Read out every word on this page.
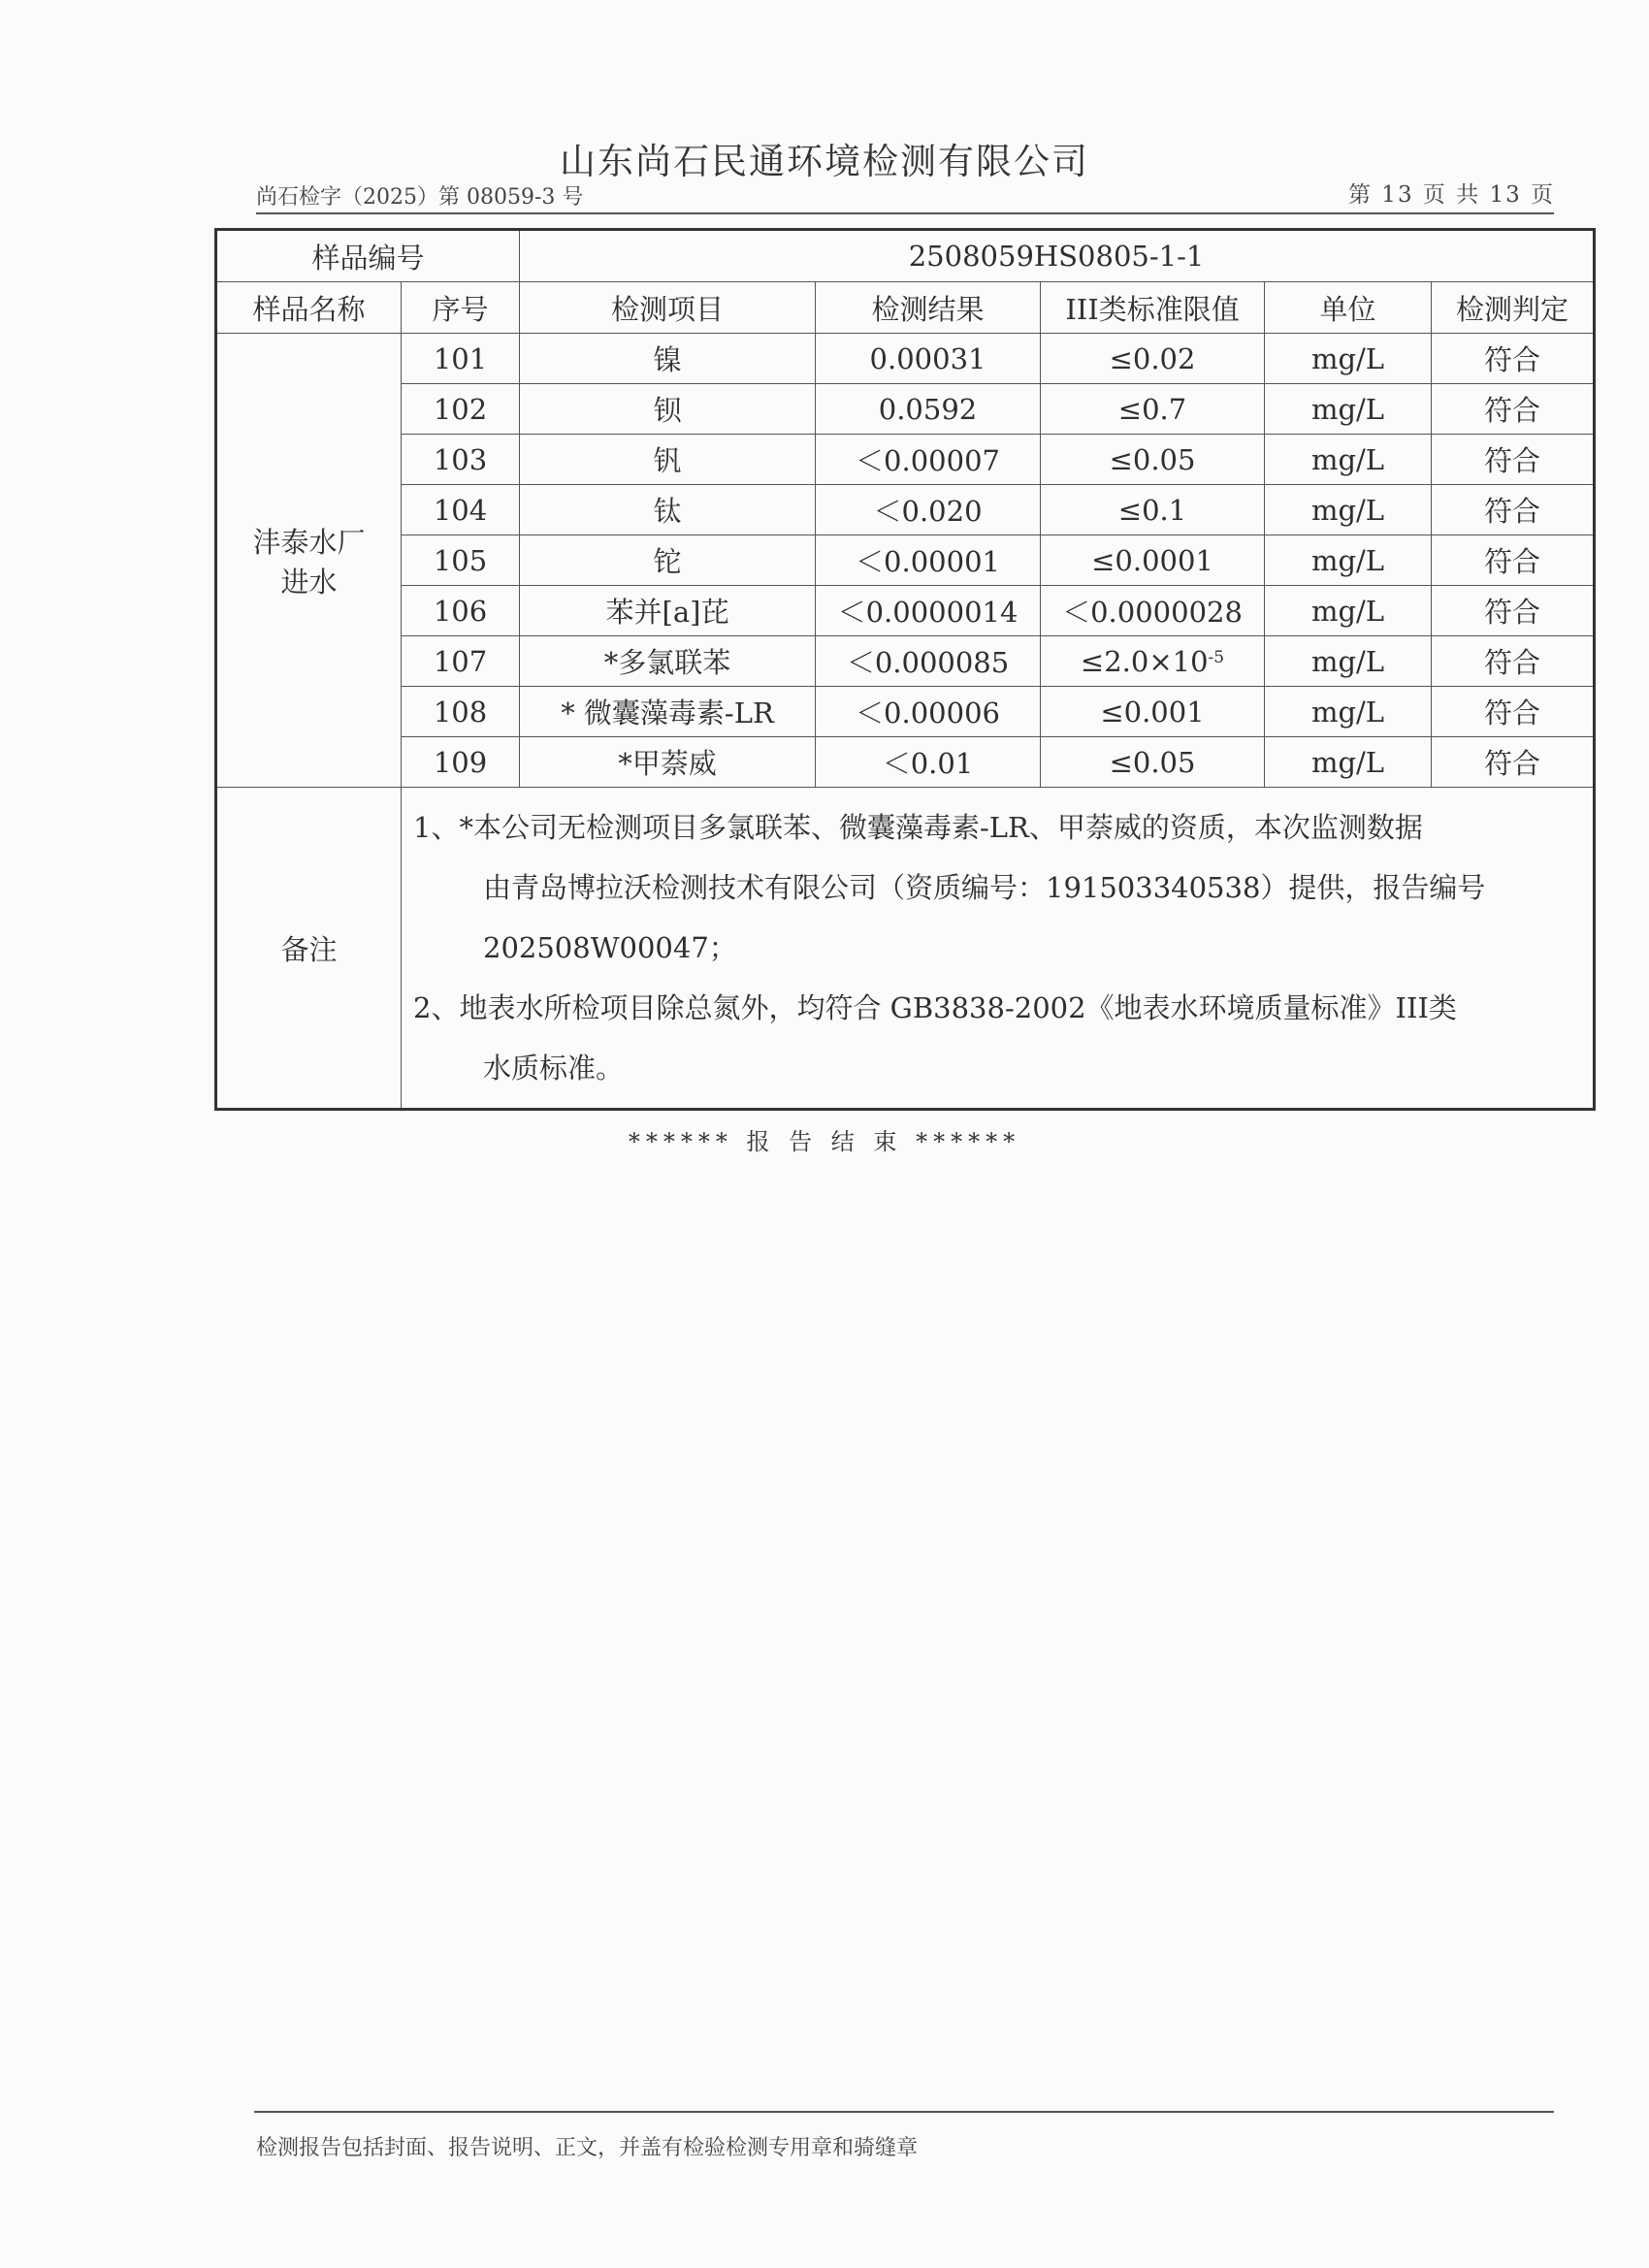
山东尚石民通环境检测有限公司
尚石检字（2025）第 08059-3 号	第 13 页 共 13 页
样品编号		2508059HS0805-1-1				
样品名称	序号	检测项目	检测结果	III类标准限值	单位	检测判定
沣泰水厂
进水	101	镍	0.00031	≤0.02	mg/L	符合
	102	钡	0.0592	≤0.7	mg/L	符合
	103	钒	＜0.00007	≤0.05	mg/L	符合
	104	钛	＜0.020	≤0.1	mg/L	符合
	105	铊	＜0.00001	≤0.0001	mg/L	符合
	106	苯并[a]芘	＜0.0000014	＜0.0000028	mg/L	符合
	107	*多氯联苯	＜0.000085	$\le 2.0\times 10^{-5}$	mg/L	符合
	108	* 微囊藻毒素-LR	＜0.00006	≤0.001	mg/L	符合
	109	*甲萘威	＜0.01	≤0.05	mg/L	符合
备注	1、*本公司无检测项目多氯联苯、微囊藻毒素-LR、甲萘威的资质，本次监测数据
由青岛博拉沃检测技术有限公司（资质编号：191503340538）提供，报告编号
202508W00047；
2、地表水所检项目除总氮外，均符合 GB3838-2002《地表水环境质量标准》III类
水质标准。					
****** 报 告 结 束 ******
检测报告包括封面、报告说明、正文，并盖有检验检测专用章和骑缝章
